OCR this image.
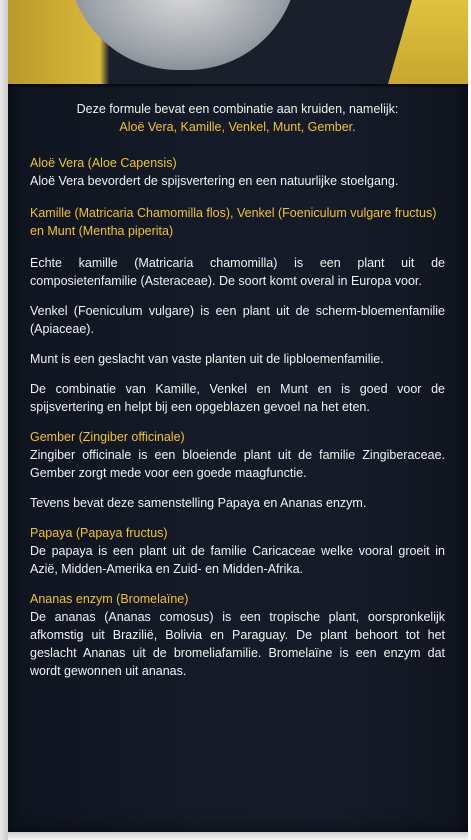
Deze formule bevat een combinatie aan kruiden, namelijk:
Aloë Vera, Kamille, Venkel, Munt, Gember.
Aloë Vera (Aloe Capensis)

Aloë Vera bevordert de spijsvertering en een natuurlijke stoelgang.

Kamille (Matricaria Chamomilla flos), Venkel (Foeniculum vulgare fructus) en Munt (Mentha piperita)

Echte kamille (Matricaria chamomilla) is een plant uit de composietenfamilie (Asteraceae). De soort komt overal in Europa voor.

Venkel (Foeniculum vulgare) is een plant uit de scherm-bloemenfamilie (Apiaceae).

Munt is een geslacht van vaste planten uit de lipbloemenfamilie.

De combinatie van Kamille, Venkel en Munt en is goed voor de spijsvertering en helpt bij een opgeblazen gevoel na het eten.

Gember (Zingiber officinale)

Zingiber officinale is een bloeiende plant uit de familie Zingiberaceae. Gember zorgt mede voor een goede maagfunctie.

Tevens bevat deze samenstelling Papaya en Ananas enzym.

Papaya (Papaya fructus)

De papaya is een plant uit de familie Caricaceae welke vooral groeit in Azië, Midden-Amerika en Zuid- en Midden-Afrika.

Ananas enzym (Bromelaïne)

De ananas (Ananas comosus) is een tropische plant, oorspronkelijk afkomstig uit Brazilië, Bolivia en Paraguay. De plant behoort tot het geslacht Ananas uit de bromeliafamilie. Bromelaïne is een enzym dat wordt gewonnen uit ananas.
